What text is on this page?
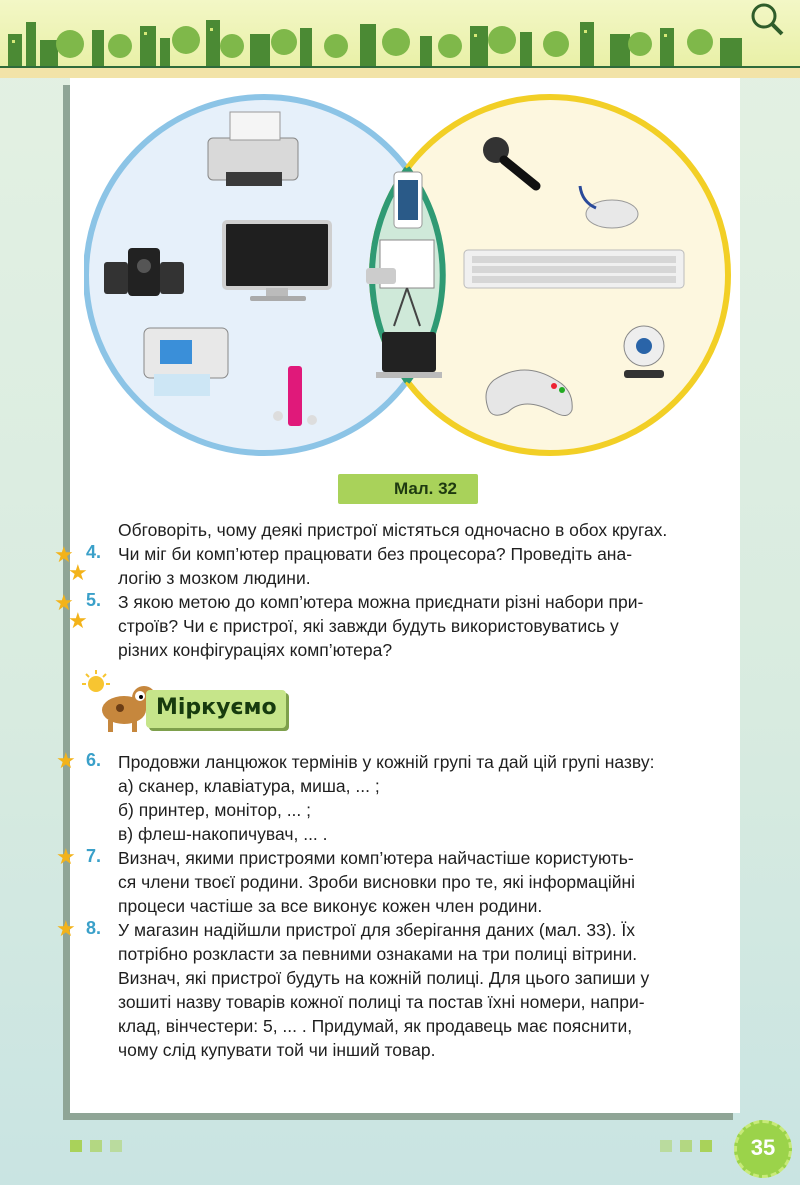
Мал. 32
Обговоріть, чому деякі пристрої містяться одночасно в обох кругах.
★
★
4. Чи міг би комп’ютер працювати без процесора? Проведіть ана-
логію з мозком людини.
★
★
5. З якою метою до комп’ютера можна приєднати різні набори при-
строїв? Чи є пристрої, які завжди будуть використовуватись у
різних конфігураціях комп’ютера?
Міркуємо
★ 6. Продовжи ланцюжок термінів у кожній групі та дай цій групі назву:
а) сканер, клавіатура, миша, ... ;
б) принтер, монітор, ... ;
в) флеш-накопичувач, ... .
★ 7. Визнач, якими пристроями комп’ютера найчастіше користують-
ся члени твоєї родини. Зроби висновки про те, які інформаційні
процеси частіше за все виконує кожен член родини.
★ 8. У магазин надійшли пристрої для зберігання даних (мал. 33). Їх
потрібно розкласти за певними ознаками на три полиці вітрини.
Визнач, які пристрої будуть на кожній полиці. Для цього запиши у
зошиті назву товарів кожної полиці та постав їхні номери, напри-
клад, вінчестери: 5, ... . Придумай, як продавець має пояснити,
чому слід купувати той чи інший товар.
35
